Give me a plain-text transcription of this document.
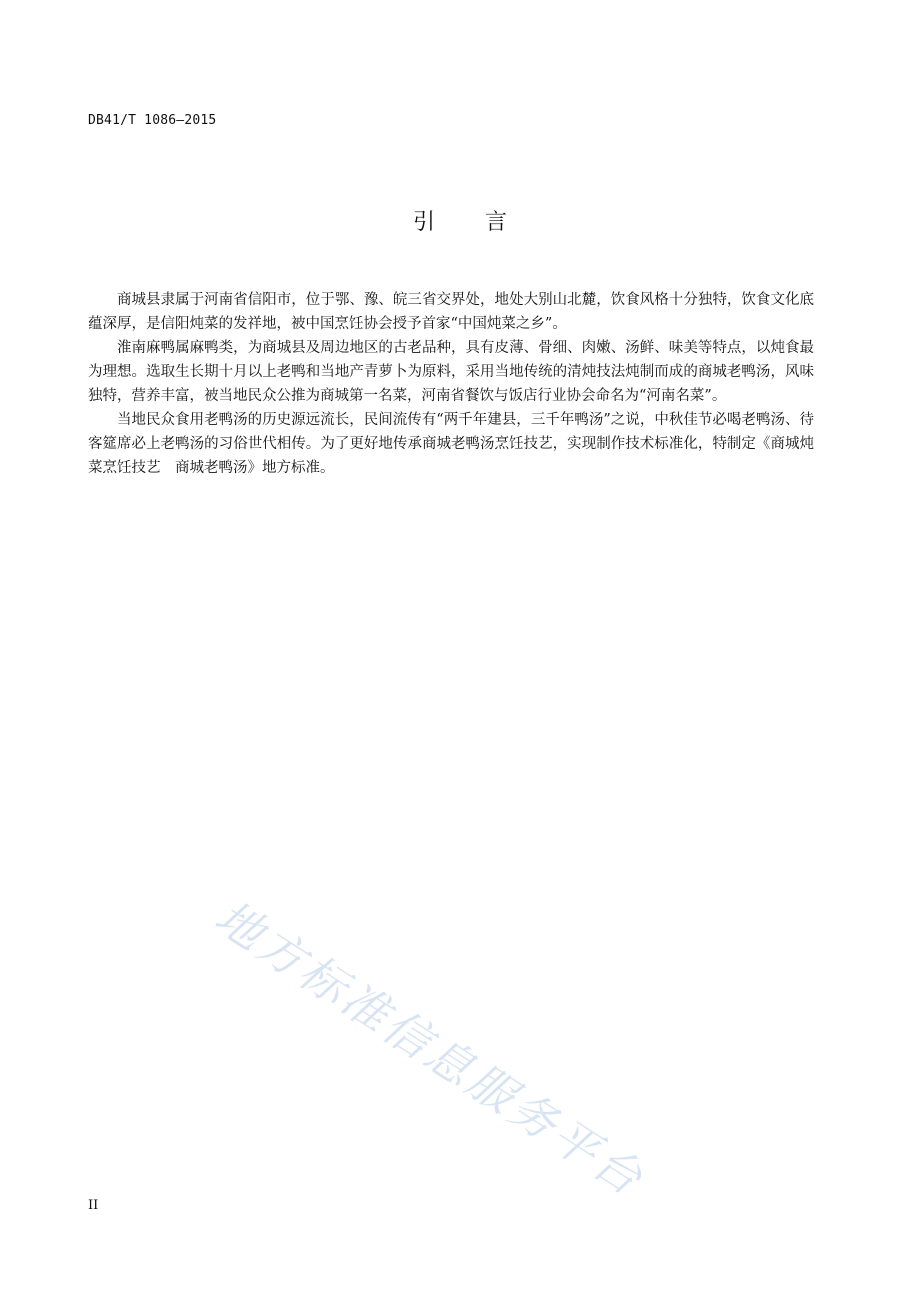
DB41/T 1086—2015
引言

商城县隶属于河南省信阳市，位于鄂、豫、皖三省交界处，地处大别山北麓，饮食风格十分独特，饮食文化底蕴深厚，是信阳炖菜的发祥地，被中国烹饪协会授予首家“中国炖菜之乡”。

淮南麻鸭属麻鸭类，为商城县及周边地区的古老品种，具有皮薄、骨细、肉嫩、汤鲜、味美等特点，以炖食最为理想。选取生长期十月以上老鸭和当地产青萝卜为原料，采用当地传统的清炖技法炖制而成的商城老鸭汤，风味独特，营养丰富，被当地民众公推为商城第一名菜，河南省餐饮与饭店行业协会命名为“河南名菜”。

当地民众食用老鸭汤的历史源远流长，民间流传有“两千年建县，三千年鸭汤”之说，中秋佳节必喝老鸭汤、待客筵席必上老鸭汤的习俗世代相传。为了更好地传承商城老鸭汤烹饪技艺，实现制作技术标准化，特制定《商城炖菜烹饪技艺　商城老鸭汤》地方标准。

地方标准信息服务平台
II
